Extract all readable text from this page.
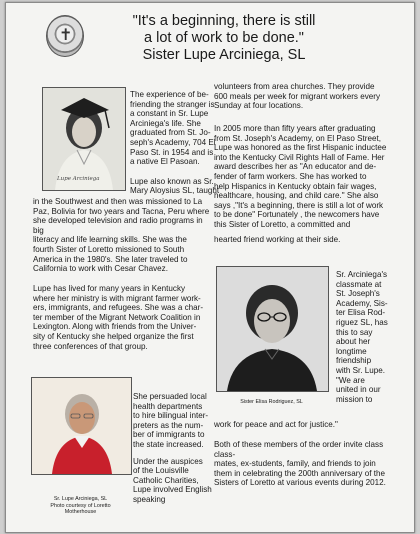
✝
"It's a beginning, there is still
a lot of work to be done."
Sister Lupe Arciniega, SL
Lupe Arciniega
The experience of be-
friending the stranger is
a constant in Sr. Lupe
Arciniega's life. She
graduated from St. Jo-
seph's Academy, 704 El
Paso St. in 1954 and is
a native El Pasoan.
Lupe also known as Sr.
Mary Aloysius SL, taught
in the Southwest and then was missioned to La
Paz, Bolivia for two years and Tacna, Peru where
she developed television and radio programs in
big
literacy and life learning skills. She was the
fourth Sister of Loretto missioned to South
America in the 1980's. She later traveled to
California to work with Cesar Chavez.
Lupe has lived for many years in Kentucky
where her ministry is with migrant farmer work-
ers, immigrants, and refugees. She was a char-
ter member of the Migrant Network Coalition in
Lexington. Along with friends from the Univer-
sity of Kentucky she helped organize the first
three conferences of that group.
Sr. Lupe Arciniega, SL
Photo courtesy of Loretto
Motherhouse
She persuaded local
health departments
to hire bilingual inter-
preters as the num-
ber of immigrants to
the state increased.
Under the auspices
of the Louisville
Catholic Charities,
Lupe involved English
speaking
volunteers from area churches. They provide
600 meals per week for migrant workers every
Sunday at four locations.
In 2005 more than fifty years after graduating
from St. Joseph's Academy, on El Paso Street,
Lupe was honored as the first Hispanic inductee
into the Kentucky Civil Rights Hall of Fame. Her
award describes her as "An educator and de-
fender of farm workers. She has worked to
help Hispanics in Kentucky obtain fair wages,
healthcare, housing, and child care." She also
says ,"It's a beginning, there is still a lot of work
to be done" Fortunately , the newcomers have
this Sister of Loretto, a committed and
hearted friend working at their side.
Sister Elisa Rodriguez, SL
Sr. Arciniega's
classmate at
St. Joseph's
Academy, Sis-
ter Elisa Rod-
riguez SL, has
this to say
about her
longtime
friendship
with Sr. Lupe.
"We are
united in our
mission to
work for peace and act for justice."
Both of these members of the order invite class
class-
mates, ex-students, family, and friends to join
them in celebrating the 200th anniversary of the
Sisters of Loretto at various events during 2012.
